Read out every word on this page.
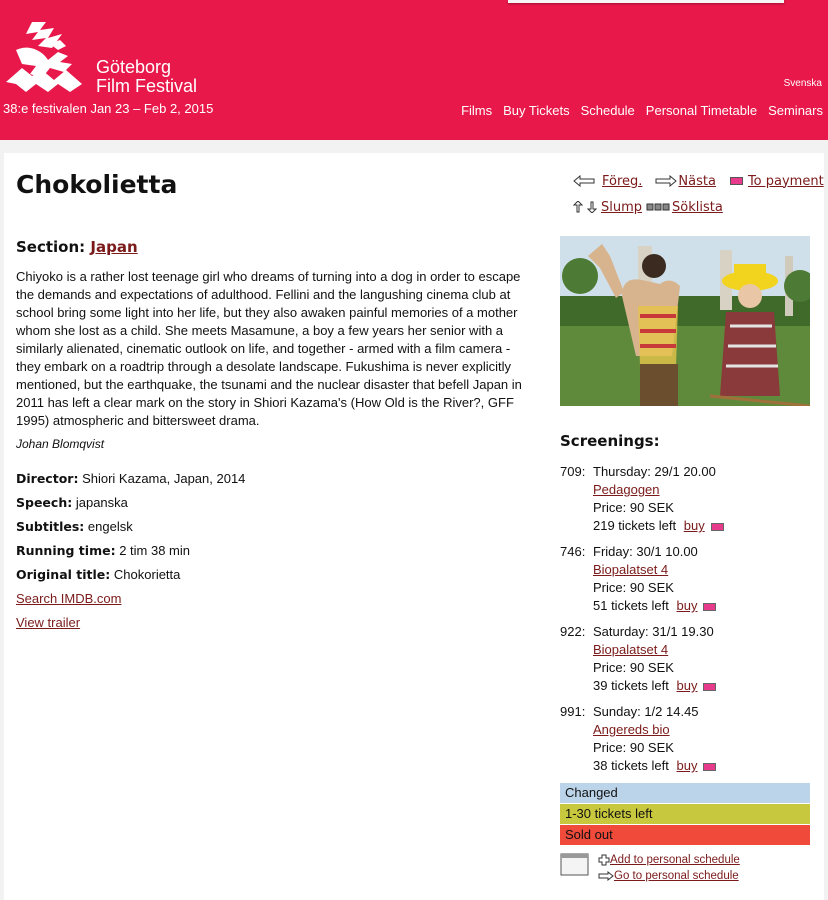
Göteborg
Film Festival
38:e festivalen Jan 23 – Feb 2, 2015
Svenska
Films Buy Tickets Schedule Personal Timetable Seminars
Chokolietta	Föreg.	Nästa To payment
Slump Söklista
Section: Japan

Chiyoko is a rather lost teenage girl who dreams of turning into a dog in order to escape the demands and expectations of adulthood. Fellini and the langushing cinema club at school bring some light into her life, but they also awaken painful memories of a mother whom she lost as a child. She meets Masamune, a boy a few years her senior with a similarly alienated, cinematic outlook on life, and together - armed with a film camera - they embark on a roadtrip through a desolate landscape. Fukushima is never explicitly mentioned, but the earthquake, the tsunami and the nuclear disaster that befell Japan in 2011 has left a clear mark on the story in Shiori Kazama's (How Old is the River?, GFF 1995) atmospheric and bittersweet drama.

Johan Blomqvist
Director: Shiori Kazama, Japan, 2014
Speech: japanska
Subtitles: engelsk
Running time: 2 tim 38 min
Original title: Chokorietta
Search IMDB.com
View trailer
Screenings:
709: Thursday: 29/1 20.00
Pedagogen
Price: 90 SEK
219 tickets left buy
746: Friday: 30/1 10.00
Biopalatset 4
Price: 90 SEK
51 tickets left buy
922: Saturday: 31/1 19.30
Biopalatset 4
Price: 90 SEK
39 tickets left buy
991: Sunday: 1/2 14.45
Angereds bio
Price: 90 SEK
38 tickets left buy
Changed
1-30 tickets left
Sold out
Add to personal schedule
Go to personal schedule
